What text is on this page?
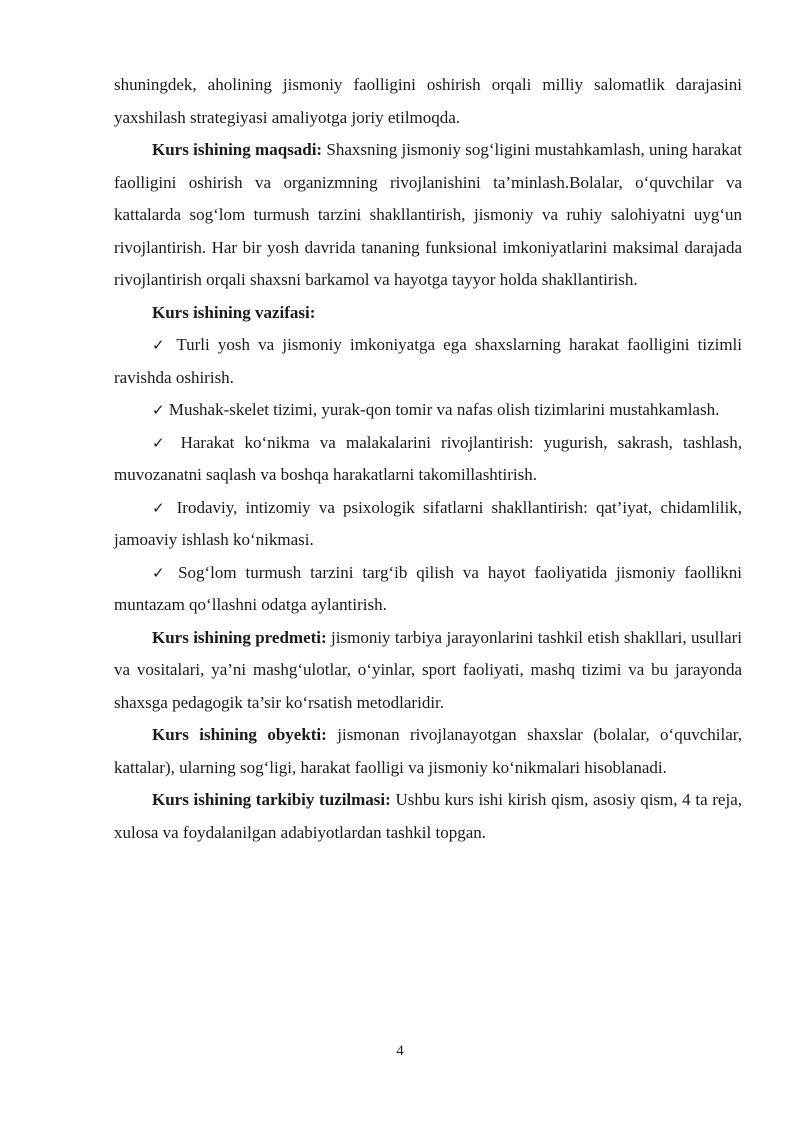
shuningdek, aholining jismoniy faolligini oshirish orqali milliy salomatlik darajasini yaxshilash strategiyasi amaliyotga joriy etilmoqda.

Kurs ishining maqsadi: Shaxsning jismoniy sog‘ligini mustahkamlash, uning harakat faolligini oshirish va organizmning rivojlanishini ta’minlash.Bolalar, o‘quvchilar va kattalarda sog‘lom turmush tarzini shakllantirish, jismoniy va ruhiy salohiyatni uyg‘un rivojlantirish. Har bir yosh davrida tananing funksional imkoniyatlarini maksimal darajada rivojlantirish orqali shaxsni barkamol va hayotga tayyor holda shakllantirish.

Kurs ishining vazifasi:

✓ Turli yosh va jismoniy imkoniyatga ega shaxslarning harakat faolligini tizimli ravishda oshirish.

✓ Mushak-skelet tizimi, yurak-qon tomir va nafas olish tizimlarini mustahkamlash.

✓ Harakat ko‘nikma va malakalarini rivojlantirish: yugurish, sakrash, tashlash, muvozanatni saqlash va boshqa harakatlarni takomillashtirish.

✓ Irodaviy, intizomiy va psixologik sifatlarni shakllantirish: qat’iyat, chidamlilik, jamoaviy ishlash ko‘nikmasi.

✓ Sog‘lom turmush tarzini targ‘ib qilish va hayot faoliyatida jismoniy faollikni muntazam qo‘llashni odatga aylantirish.

Kurs ishining predmeti: jismoniy tarbiya jarayonlarini tashkil etish shakllari, usullari va vositalari, ya’ni mashg‘ulotlar, o‘yinlar, sport faoliyati, mashq tizimi va bu jarayonda shaxsga pedagogik ta’sir ko‘rsatish metodlaridir.

Kurs ishining obyekti: jismonan rivojlanayotgan shaxslar (bolalar, o‘quvchilar, kattalar), ularning sog‘ligi, harakat faolligi va jismoniy ko‘nikmalari hisoblanadi.

Kurs ishining tarkibiy tuzilmasi: Ushbu kurs ishi kirish qism, asosiy qism, 4 ta reja, xulosa va foydalanilgan adabiyotlardan tashkil topgan.

4
